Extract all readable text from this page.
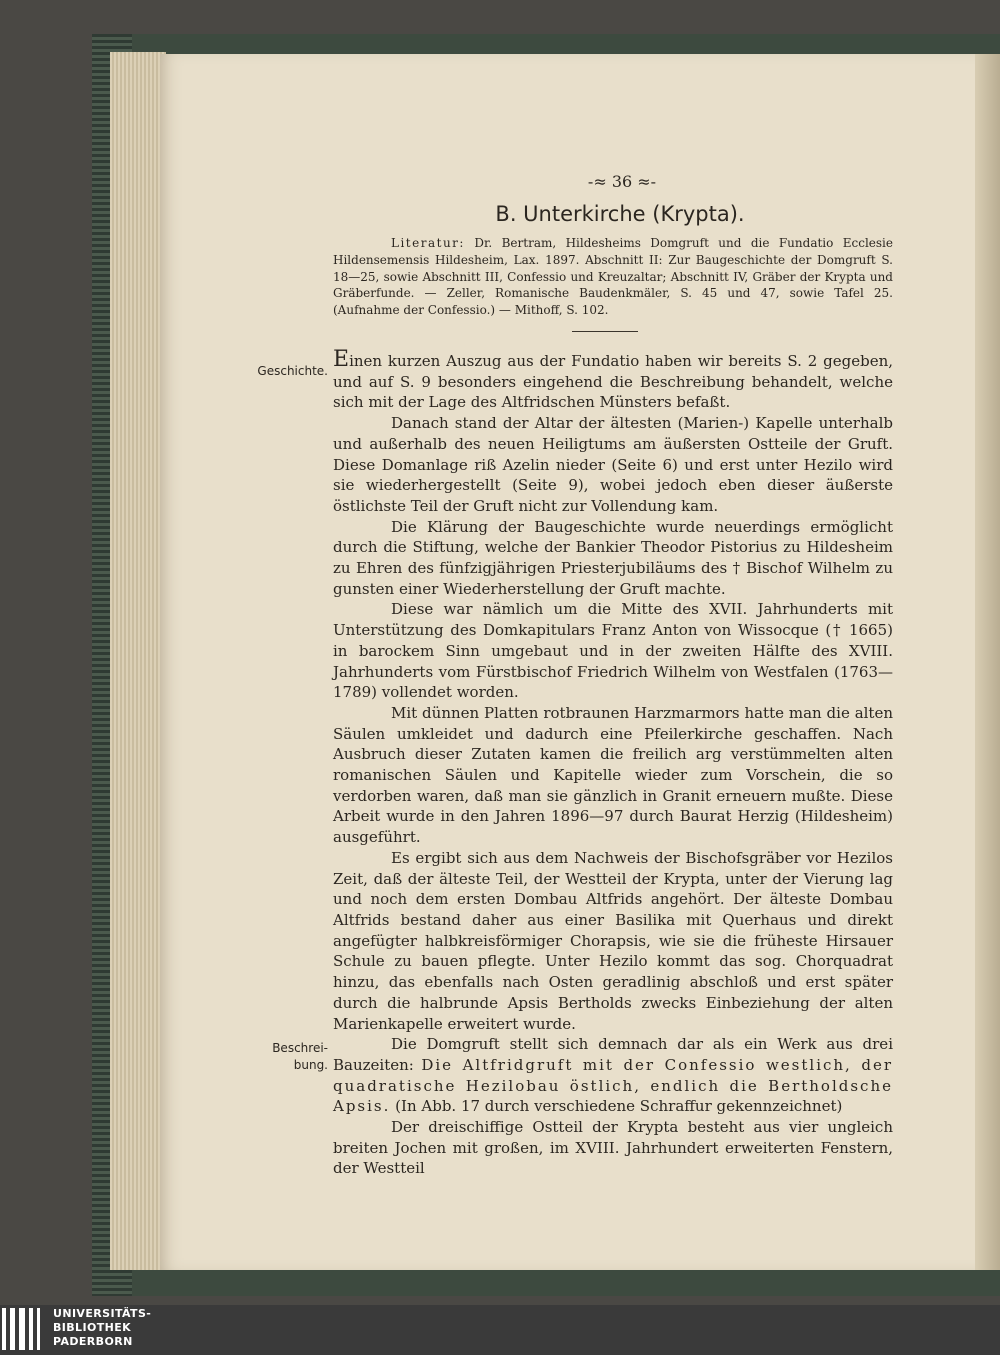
-≈ 36 ≈-
B. Unterkirche (Krypta).
Literatur: Dr. Bertram, Hildesheims Domgruft und die Fundatio Ecclesie Hildensemensis Hildesheim, Lax. 1897. Abschnitt II: Zur Baugeschichte der Domgruft S. 18—25, sowie Abschnitt III, Confessio und Kreuzaltar; Abschnitt IV, Gräber der Krypta und Gräberfunde. — Zeller, Romanische Baudenkmäler, S. 45 und 47, sowie Tafel 25. (Aufnahme der Confessio.) — Mithoff, S. 102.
Geschichte.
Beschrei-
bung.

Einen kurzen Auszug aus der Fundatio haben wir bereits S. 2 gegeben, und auf S. 9 besonders eingehend die Beschreibung behandelt, welche sich mit der Lage des Altfridschen Münsters befaßt.

Danach stand der Altar der ältesten (Marien-) Kapelle unterhalb und außerhalb des neuen Heiligtums am äußersten Ostteile der Gruft. Diese Domanlage riß Azelin nieder (Seite 6) und erst unter Hezilo wird sie wiederhergestellt (Seite 9), wobei jedoch eben dieser äußerste östlichste Teil der Gruft nicht zur Vollendung kam.

Die Klärung der Baugeschichte wurde neuerdings ermöglicht durch die Stiftung, welche der Bankier Theodor Pistorius zu Hildesheim zu Ehren des fünfzigjährigen Priesterjubiläums des † Bischof Wilhelm zu gunsten einer Wiederherstellung der Gruft machte.

Diese war nämlich um die Mitte des XVII. Jahrhunderts mit Unterstützung des Domkapitulars Franz Anton von Wissocque († 1665) in barockem Sinn umgebaut und in der zweiten Hälfte des XVIII. Jahrhunderts vom Fürstbischof Friedrich Wilhelm von Westfalen (1763—1789) vollendet worden.

Mit dünnen Platten rotbraunen Harzmarmors hatte man die alten Säulen umkleidet und dadurch eine Pfeilerkirche geschaffen. Nach Ausbruch dieser Zutaten kamen die freilich arg verstümmelten alten romanischen Säulen und Kapitelle wieder zum Vorschein, die so verdorben waren, daß man sie gänzlich in Granit erneuern mußte. Diese Arbeit wurde in den Jahren 1896—97 durch Baurat Herzig (Hildesheim) ausgeführt.

Es ergibt sich aus dem Nachweis der Bischofsgräber vor Hezilos Zeit, daß der älteste Teil, der Westteil der Krypta, unter der Vierung lag und noch dem ersten Dombau Altfrids angehört. Der älteste Dombau Altfrids bestand daher aus einer Basilika mit Querhaus und direkt angefügter halbkreisförmiger Chorapsis, wie sie die früheste Hirsauer Schule zu bauen pflegte. Unter Hezilo kommt das sog. Chorquadrat hinzu, das ebenfalls nach Osten geradlinig abschloß und erst später durch die halbrunde Apsis Bertholds zwecks Einbeziehung der alten Marienkapelle erweitert wurde.

Die Domgruft stellt sich demnach dar als ein Werk aus drei Bauzeiten: Die Altfridgruft mit der Confessio westlich, der quadratische Hezilobau östlich, endlich die Bertholdsche Apsis. (In Abb. 17 durch verschiedene Schraffur gekennzeichnet)

Der dreischiffige Ostteil der Krypta besteht aus vier ungleich breiten Jochen mit großen, im XVIII. Jahrhundert erweiterten Fenstern, der Westteil

UNIVERSITÄTS-
BIBLIOTHEK
PADERBORN
